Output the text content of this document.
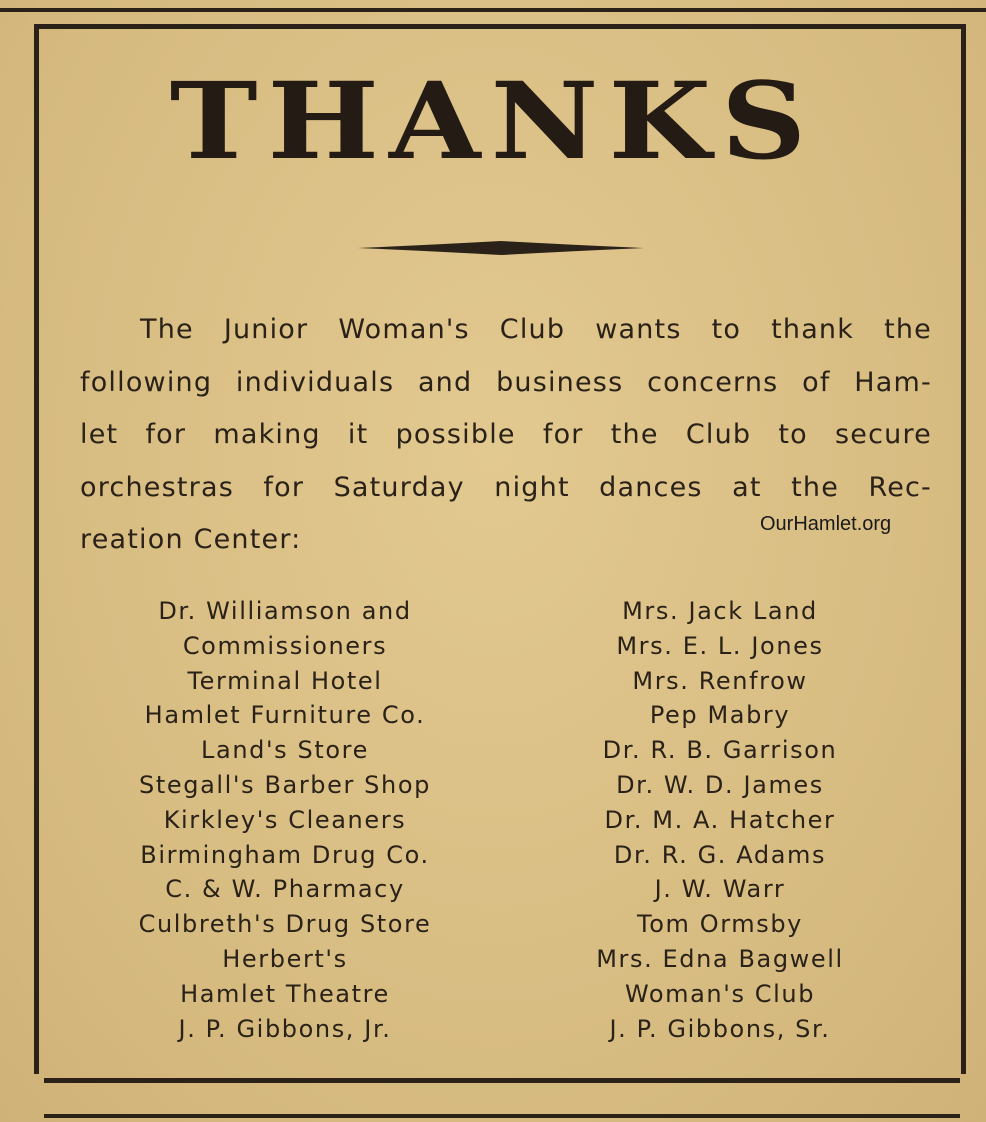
THANKS
The Junior Woman's Club wants to thank the
following individuals and business concerns of Ham-
let for making it possible for the Club to secure
orchestras for Saturday night dances at the Rec-
reation Center:	OurHamlet.org
Dr. Williamson and
Commissioners
Terminal Hotel
Hamlet Furniture Co.
Land's Store
Stegall's Barber Shop
Kirkley's Cleaners
Birmingham Drug Co.
C. & W. Pharmacy
Culbreth's Drug Store
Herbert's
Hamlet Theatre
J. P. Gibbons, Jr.
Mrs. Jack Land
Mrs. E. L. Jones
Mrs. Renfrow
Pep Mabry
Dr. R. B. Garrison
Dr. W. D. James
Dr. M. A. Hatcher
Dr. R. G. Adams
J. W. Warr
Tom Ormsby
Mrs. Edna Bagwell
Woman's Club
J. P. Gibbons, Sr.
